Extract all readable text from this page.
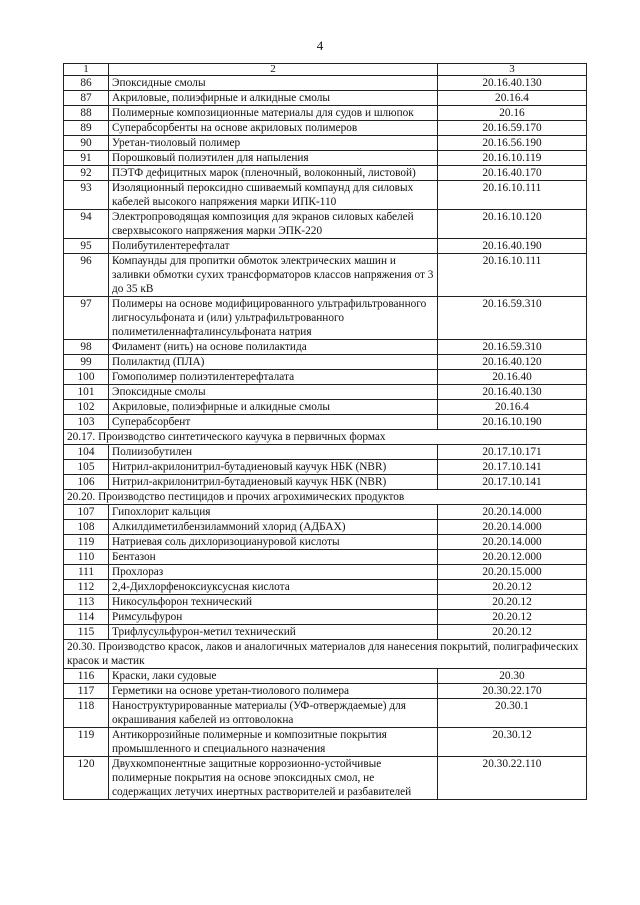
4
1	2	3
86	Эпоксидные смолы	20.16.40.130
87	Акриловые, полиэфирные и алкидные смолы	20.16.4
88	Полимерные композиционные материалы для судов и шлюпок	20.16
89	Суперабсорбенты на основе акриловых полимеров	20.16.59.170
90	Уретан-тиоловый полимер	20.16.56.190
91	Порошковый полиэтилен для напыления	20.16.10.119
92	ПЭТФ дефицитных марок (пленочный, волоконный, листовой)	20.16.40.170
93	Изоляционный пероксидно сшиваемый компаунд для силовых кабелей высокого напряжения марки ИПК-110	20.16.10.111
94	Электропроводящая композиция для экранов силовых кабелей сверхвысокого напряжения марки ЭПК-220	20.16.10.120
95	Полибутилентерефталат	20.16.40.190
96	Компаунды для пропитки обмоток электрических машин и заливки обмотки сухих трансформаторов классов напряжения от 3 до 35 кВ	20.16.10.111
97	Полимеры на основе модифицированного ультрафильтрованного лигносульфоната и (или) ультрафильтрованного полиметиленнафталинсульфоната натрия	20.16.59.310
98	Филамент (нить) на основе полилактида	20.16.59.310
99	Полилактид (ПЛА)	20.16.40.120
100	Гомополимер полиэтилентерефталата	20.16.40
101	Эпоксидные смолы	20.16.40.130
102	Акриловые, полиэфирные и алкидные смолы	20.16.4
103	Суперабсорбент	20.16.10.190
20.17. Производство синтетического каучука в первичных формах		
104	Полиизобутилен	20.17.10.171
105	Нитрил-акрилонитрил-бутадиеновый каучук НБК (NBR)	20.17.10.141
106	Нитрил-акрилонитрил-бутадиеновый каучук НБК (NBR)	20.17.10.141
20.20. Производство пестицидов и прочих агрохимических продуктов		
107	Гипохлорит кальция	20.20.14.000
108	Алкилдиметилбензиламмоний хлорид (АДБАХ)	20.20.14.000
119	Натриевая соль дихлоризоциануровой кислоты	20.20.14.000
110	Бентазон	20.20.12.000
111	Прохлораз	20.20.15.000
112	2,4-Дихлорфеноксиуксусная кислота	20.20.12
113	Никосульфорон технический	20.20.12
114	Римсульфурон	20.20.12
115	Трифлусульфурон-метил технический	20.20.12
20.30. Производство красок, лаков и аналогичных материалов для нанесения покрытий, полиграфических красок и мастик		
116	Краски, лаки судовые	20.30
117	Герметики на основе уретан-тиолового полимера	20.30.22.170
118	Наноструктурированные материалы (УФ-отверждаемые) для окрашивания кабелей из оптоволокна	20.30.1
119	Антикоррозийные полимерные и композитные покрытия промышленного и специального назначения	20.30.12
120	Двухкомпонентные защитные коррозионно-устойчивые полимерные покрытия на основе эпоксидных смол, не содержащих летучих инертных растворителей и разбавителей	20.30.22.110
